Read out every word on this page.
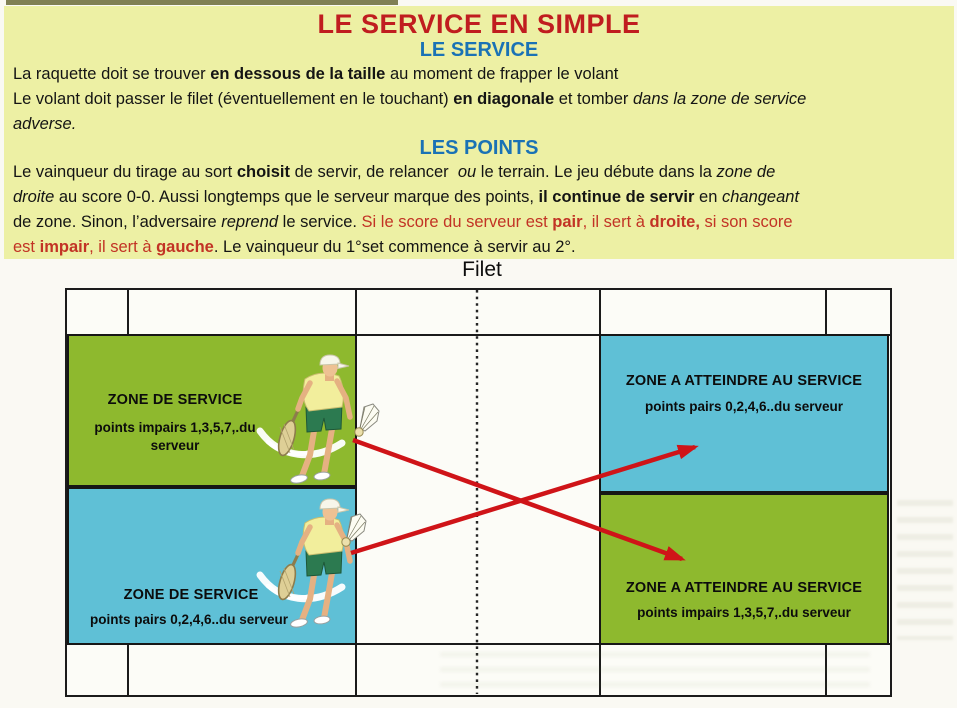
LE SERVICE EN SIMPLE
LE SERVICE
La raquette doit se trouver en dessous de la taille au moment de frapper le volant
Le volant doit passer le filet (éventuellement en le touchant) en diagonale et tomber dans la zone de service
adverse.
LES POINTS
Le vainqueur du tirage au sort choisit de servir, de relancer  ou le terrain. Le jeu débute dans la zone de
droite au score 0-0. Aussi longtemps que le serveur marque des points, il continue de servir en changeant
de zone. Sinon, l’adversaire reprend le service. Si le score du serveur est pair, il sert à droite, si son score
est impair, il sert à gauche. Le vainqueur du 1°set commence à servir au 2°.
Filet
ZONE DE SERVICE
points impairs 1,3,5,7,.du
serveur
ZONE DE SERVICE
points pairs 0,2,4,6..du serveur
ZONE A ATTEINDRE AU SERVICE
points pairs 0,2,4,6..du serveur
ZONE A ATTEINDRE AU SERVICE
points impairs 1,3,5,7,.du serveur
